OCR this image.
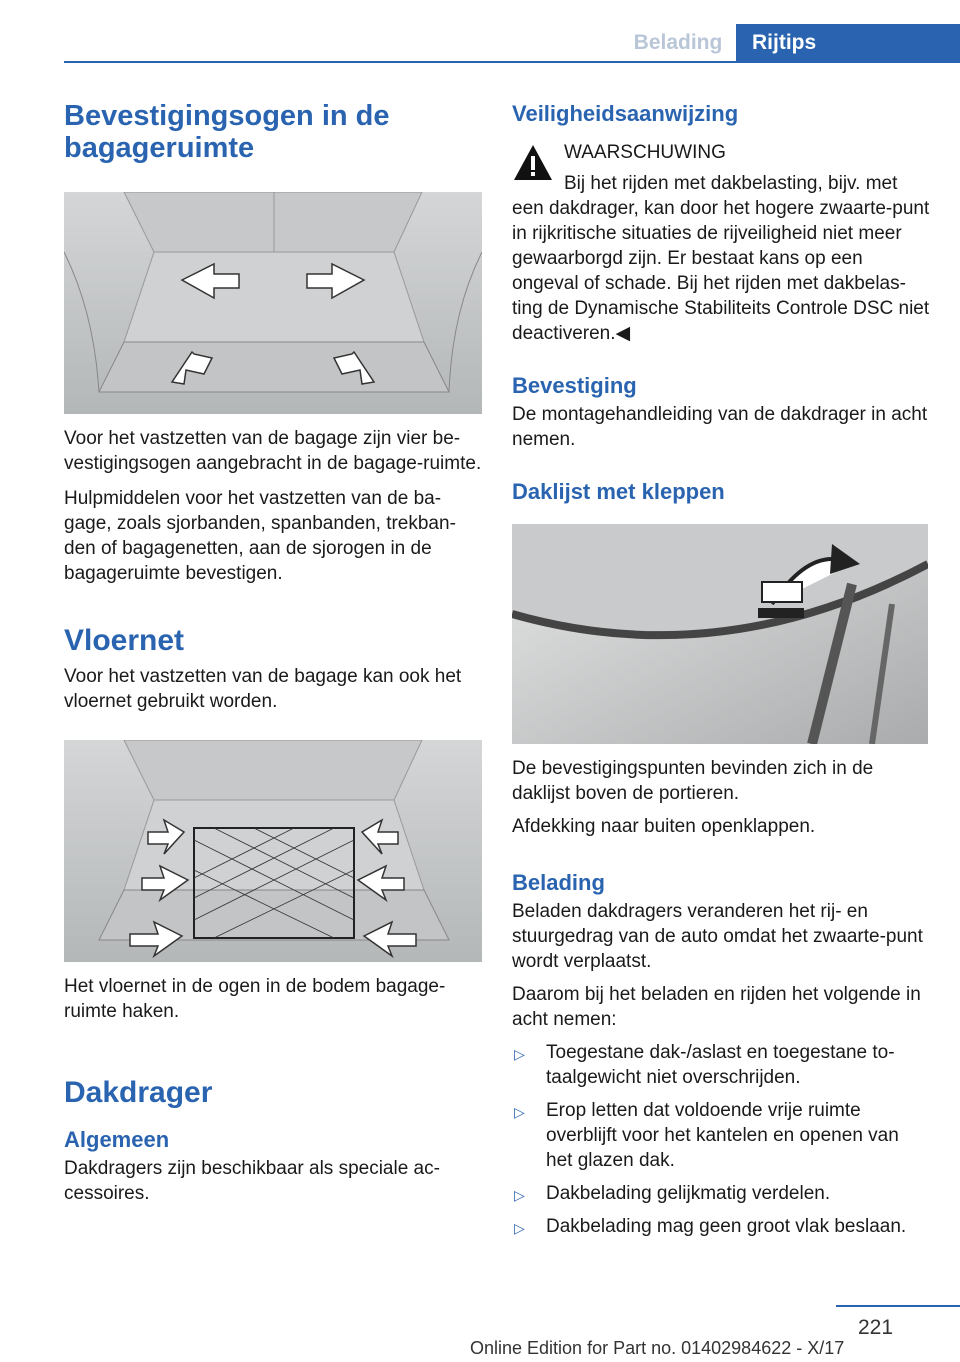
Belading	Rijtips
Bevestigingsogen in de bagageruimte

Voor het vastzetten van de bagage zijn vier be-vestigingsogen aangebracht in de bagage-ruimte.

Hulpmiddelen voor het vastzetten van de ba-gage, zoals sjorbanden, spanbanden, trekban-den of bagagenetten, aan de sjorogen in de bagageruimte bevestigen.

Vloernet

Voor het vastzetten van de bagage kan ook het vloernet gebruikt worden.

Het vloernet in de ogen in de bodem bagage-ruimte haken.

Dakdrager
Algemeen

Dakdragers zijn beschikbaar als speciale ac-cessoires.

Veiligheidsaanwijzing

WAARSCHUWING

Bij het rijden met dakbelasting, bijv. met

een dakdrager, kan door het hogere zwaarte-punt in rijkritische situaties de rijveiligheid niet meer gewaarborgd zijn. Er bestaat kans op een ongeval of schade. Bij het rijden met dakbelas-ting de Dynamische Stabiliteits Controle DSC niet deactiveren.◀

Bevestiging

De montagehandleiding van de dakdrager in acht nemen.

Daklijst met kleppen

De bevestigingspunten bevinden zich in de daklijst boven de portieren.

Afdekking naar buiten openklappen.

Belading

Beladen dakdragers veranderen het rij- en stuurgedrag van de auto omdat het zwaarte-punt wordt verplaatst.

Daarom bij het beladen en rijden het volgende in acht nemen:

▷ Toegestane dak-/aslast en toegestane to-taalgewicht niet overschrijden.
▷ Erop letten dat voldoende vrije ruimte overblijft voor het kantelen en openen van het glazen dak.
▷ Dakbelading gelijkmatig verdelen.
▷ Dakbelading mag geen groot vlak beslaan.
221
Online Edition for Part no. 01402984622 - X/17
